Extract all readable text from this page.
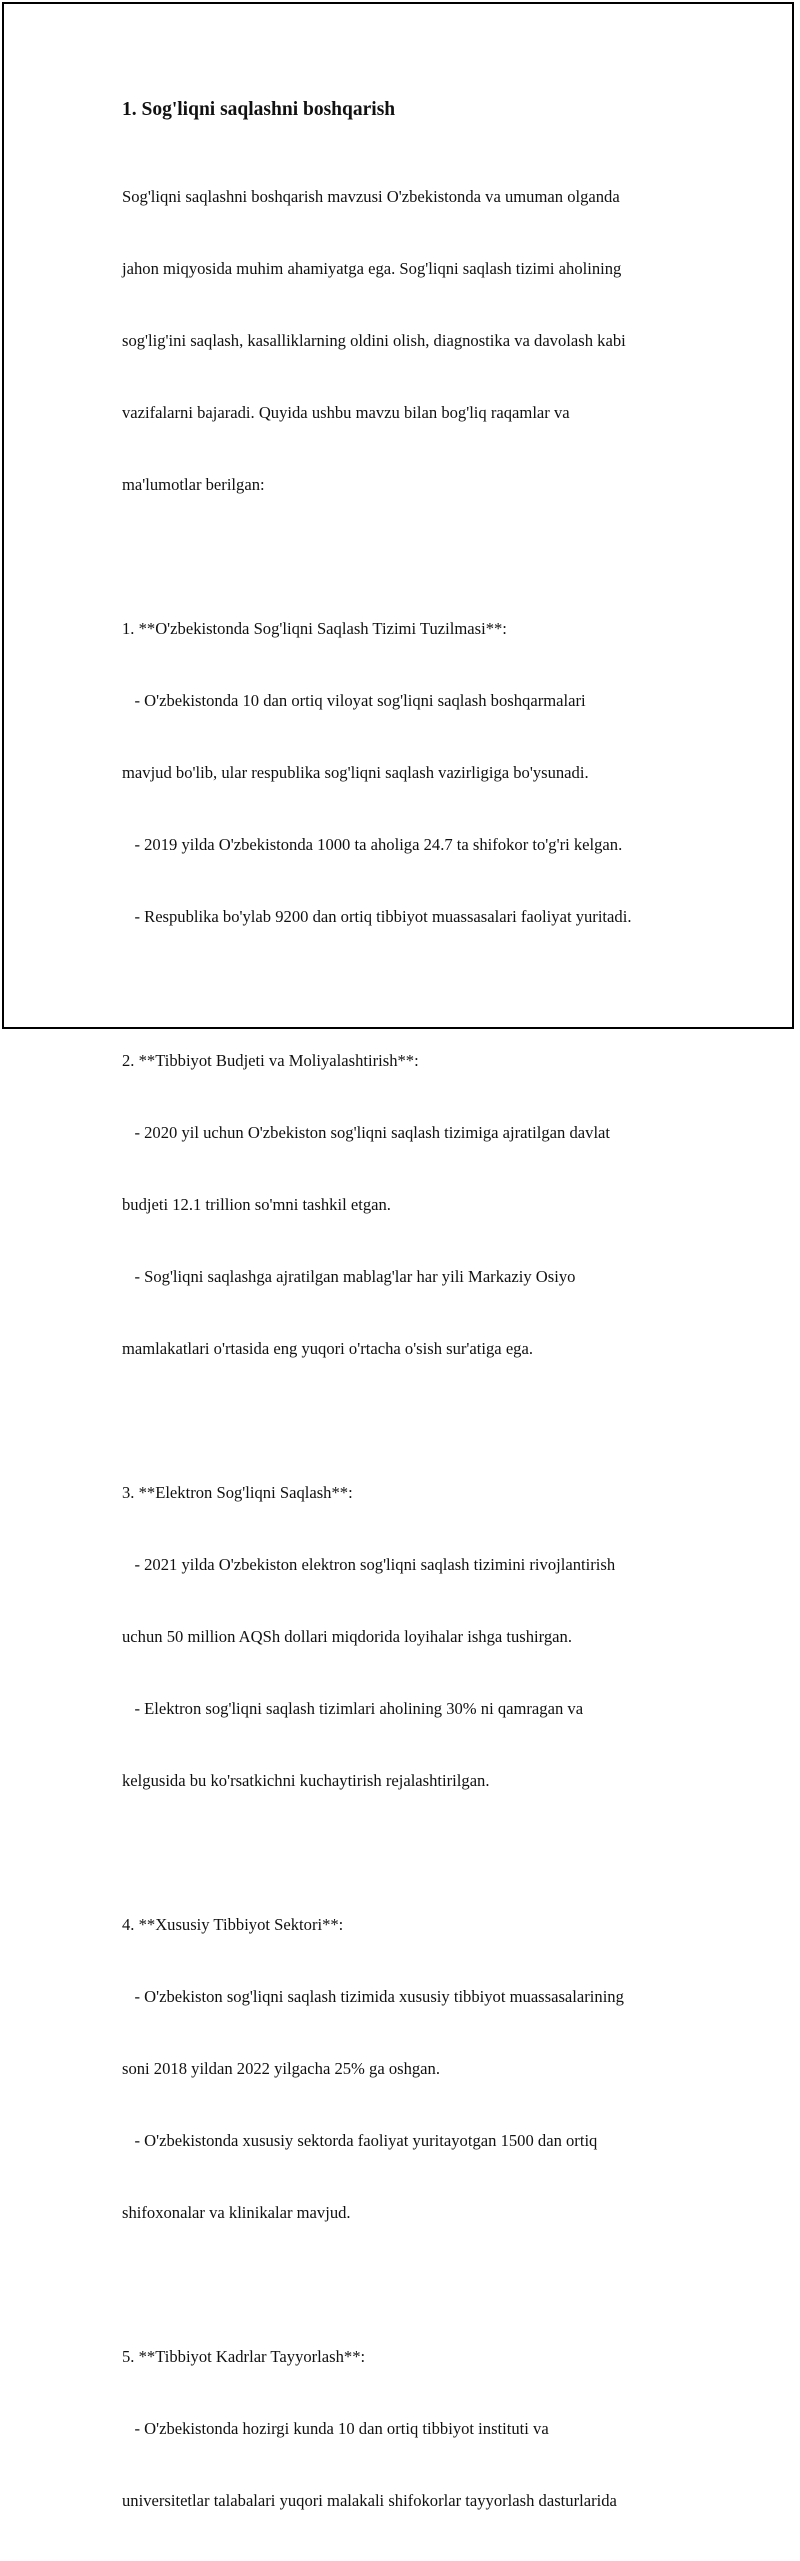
1. Sog'liqni saqlashni boshqarish

Sog'liqni saqlashni boshqarish mavzusi O'zbekistonda va umuman olganda

jahon miqyosida muhim ahamiyatga ega. Sog'liqni saqlash tizimi aholining

sog'lig'ini saqlash, kasalliklarning oldini olish, diagnostika va davolash kabi

vazifalarni bajaradi. Quyida ushbu mavzu bilan bog'liq raqamlar va

ma'lumotlar berilgan:

1. **O'zbekistonda Sog'liqni Saqlash Tizimi Tuzilmasi**:

- O'zbekistonda 10 dan ortiq viloyat sog'liqni saqlash boshqarmalari

mavjud bo'lib, ular respublika sog'liqni saqlash vazirligiga bo'ysunadi.

- 2019 yilda O'zbekistonda 1000 ta aholiga 24.7 ta shifokor to'g'ri kelgan.

- Respublika bo'ylab 9200 dan ortiq tibbiyot muassasalari faoliyat yuritadi.

2. **Tibbiyot Budjeti va Moliyalashtirish**:

- 2020 yil uchun O'zbekiston sog'liqni saqlash tizimiga ajratilgan davlat

budjeti 12.1 trillion so'mni tashkil etgan.

- Sog'liqni saqlashga ajratilgan mablag'lar har yili Markaziy Osiyo

mamlakatlari o'rtasida eng yuqori o'rtacha o'sish sur'atiga ega.

3. **Elektron Sog'liqni Saqlash**:

- 2021 yilda O'zbekiston elektron sog'liqni saqlash tizimini rivojlantirish

uchun 50 million AQSh dollari miqdorida loyihalar ishga tushirgan.

- Elektron sog'liqni saqlash tizimlari aholining 30% ni qamragan va

kelgusida bu ko'rsatkichni kuchaytirish rejalashtirilgan.

4. **Xususiy Tibbiyot Sektori**:

- O'zbekiston sog'liqni saqlash tizimida xususiy tibbiyot muassasalarining

soni 2018 yildan 2022 yilgacha 25% ga oshgan.

- O'zbekistonda xususiy sektorda faoliyat yuritayotgan 1500 dan ortiq

shifoxonalar va klinikalar mavjud.

5. **Tibbiyot Kadrlar Tayyorlash**:

- O'zbekistonda hozirgi kunda 10 dan ortiq tibbiyot instituti va

universitetlar talabalari yuqori malakali shifokorlar tayyorlash dasturlarida
